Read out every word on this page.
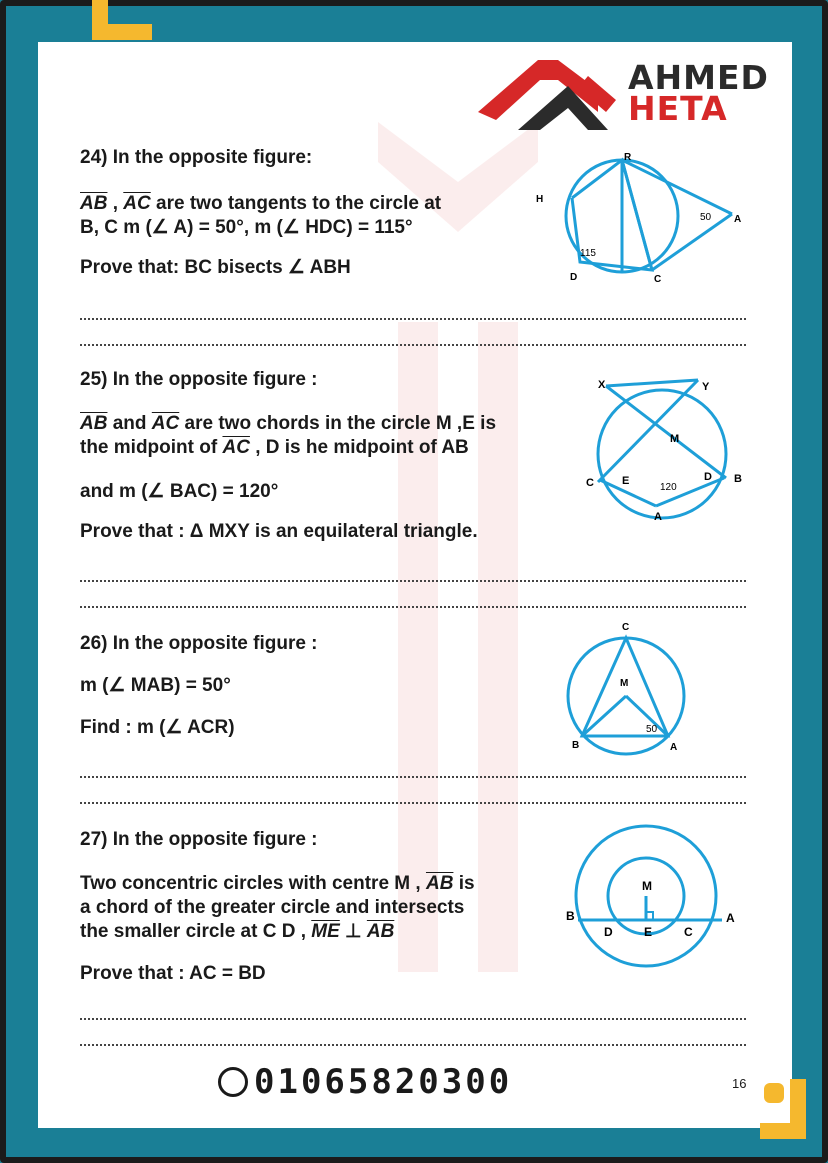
AHMED
HETA

24) In the opposite figure:

$\overline{AB}$ , $\overline{AC}$ are two tangents to the circle at

B, C m (∠ A) = 50°, m (∠ HDC) = 115°

Prove that: BC bisects ∠ ABH

R
H
A
D	C
115
50

25) In the opposite figure :

$\overline{AB}$ and $\overline{AC}$ are two chords in the circle M ,E is

the midpoint of $\overline{AC}$ , D is he midpoint of AB

and m (∠ BAC) = 120°

Prove that : Δ MXY is an equilateral triangle.

X	Y
M
C	E	D B
A
120

26) In the opposite figure :

m (∠ MAB) = 50°

Find : m (∠ ACR)

C
M
B	A
50

27) In the opposite figure :

Two concentric circles with centre M , $\overline{AB}$ is

a chord of the greater circle and intersects

the smaller circle at C D , $\overline{ME}$ ⊥ $\overline{AB}$

Prove that : AC = BD

M
B
D	E	C
A
01065820300	16
